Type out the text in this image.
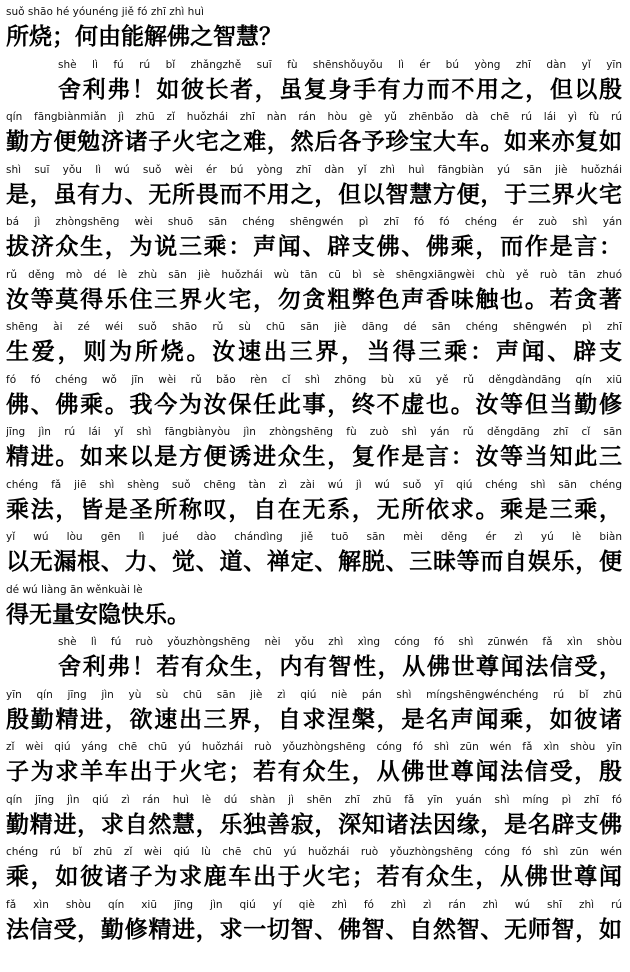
suǒ shāo hé yóunéng jiě fó zhī zhì huì
所烧；何由能解佛之智慧？
shè lì fú rú bǐ zhǎngzhě suī fù shēnshǒuyǒu lì ér bú yòng zhī dàn yǐ yīn
舍利弗！如彼长者，虽复身手有力而不用之，但以殷
qín fāngbiànmiǎn jì zhū zǐ huǒzhái zhī nàn rán hòu gè yǔ zhēnbǎo dà chē rú lái yì fù rú
勤方便勉济诸子火宅之难，然后各予珍宝大车。如来亦复如
shì suī yǒu lì wú suǒ wèi ér bú yòng zhī dàn yǐ zhì huì fāngbiàn yú sān jiè huǒzhái
是，虽有力、无所畏而不用之，但以智慧方便，于三界火宅
bá jì zhòngshēng wèi shuō sān chéng shēngwén pì zhī fó fó chéng ér zuò shì yán
拔济众生，为说三乘：声闻、辟支佛、佛乘，而作是言：
rǔ děng mò dé lè zhù sān jiè huǒzhái wù tān cū bì sè shēngxiāngwèi chù yě ruò tān zhuó
汝等莫得乐住三界火宅，勿贪粗弊色声香味触也。若贪著
shēng ài zé wéi suǒ shāo rǔ sù chū sān jiè dāng dé sān chéng shēngwén pì zhī
生爱，则为所烧。汝速出三界，当得三乘：声闻、辟支
fó fó chéng wǒ jīn wèi rǔ bǎo rèn cǐ shì zhōng bù xū yě rǔ děngdàndāng qín xiū
佛、佛乘。我今为汝保任此事，终不虚也。汝等但当勤修
jīng jìn rú lái yǐ shì fāngbiànyòu jìn zhòngshēng fù zuò shì yán rǔ děngdāng zhī cǐ sān
精进。如来以是方便诱进众生，复作是言：汝等当知此三
chéng fǎ jiē shì shèng suǒ chēng tàn zì zài wú jì wú suǒ yī qiú chéng shì sān chéng
乘法，皆是圣所称叹，自在无系，无所依求。乘是三乘，
yǐ wú lòu gēn lì jué dào chándìng jiě tuō sān mèi děng ér zì yú lè biàn
以无漏根、力、觉、道、禅定、解脱、三昧等而自娱乐，便
dé wú liàng ān wěnkuài lè
得无量安隐快乐。
shè lì fú ruò yǒuzhòngshēng nèi yǒu zhì xìng cóng fó shì zūnwén fǎ xìn shòu
舍利弗！若有众生，内有智性，从佛世尊闻法信受，
yīn qín jīng jìn yù sù chū sān jiè zì qiú niè pán shì míngshēngwénchéng rú bǐ zhū
殷勤精进，欲速出三界，自求涅槃，是名声闻乘，如彼诸
zǐ wèi qiú yáng chē chū yú huǒzhái ruò yǒuzhòngshēng cóng fó shì zūn wén fǎ xìn shòu yīn
子为求羊车出于火宅；若有众生，从佛世尊闻法信受，殷
qín jīng jìn qiú zì rán huì lè dú shàn jì shēn zhī zhū fǎ yīn yuán shì míng pì zhī fó
勤精进，求自然慧，乐独善寂，深知诸法因缘，是名辟支佛
chéng rú bǐ zhū zǐ wèi qiú lù chē chū yú huǒzhái ruò yǒuzhòngshēng cóng fó shì zūn wén
乘，如彼诸子为求鹿车出于火宅；若有众生，从佛世尊闻
fǎ xìn shòu qín xiū jīng jìn qiú yí qiè zhì fó zhì zì rán zhì wú shī zhì rú
法信受，勤修精进，求一切智、佛智、自然智、无师智，如
